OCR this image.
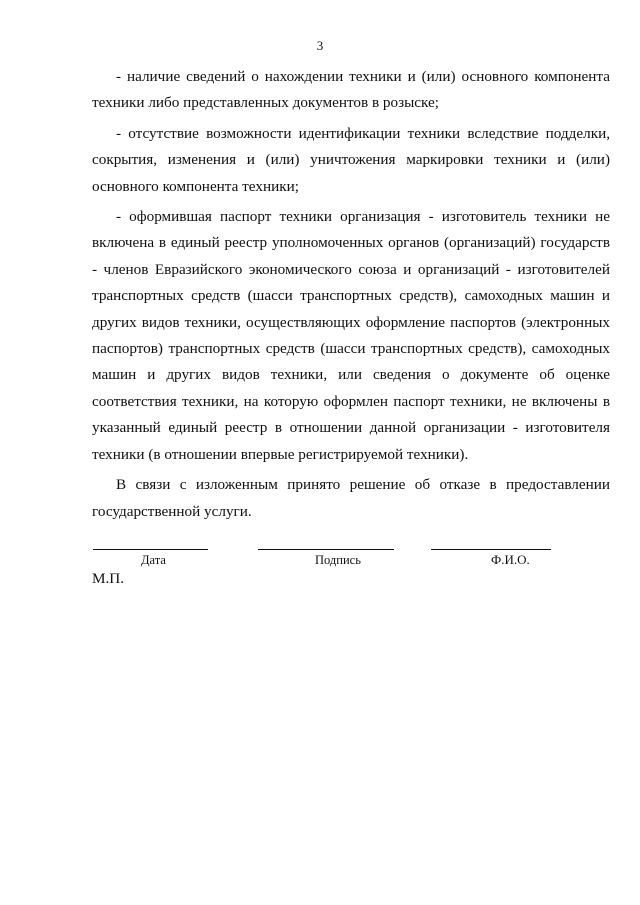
3

- наличие сведений о нахождении техники и (или) основного компонента техники либо представленных документов в розыске;

- отсутствие возможности идентификации техники вследствие подделки, сокрытия, изменения и (или) уничтожения маркировки техники и (или) основного компонента техники;

- оформившая паспорт техники организация - изготовитель техники не включена в единый реестр уполномоченных органов (организаций) государств - членов Евразийского экономического союза и организаций - изготовителей транспортных средств (шасси транспортных средств), самоходных машин и других видов техники, осуществляющих оформление паспортов (электронных паспортов) транспортных средств (шасси транспортных средств), самоходных машин и других видов техники, или сведения о документе об оценке соответствия техники, на которую оформлен паспорт техники, не включены в указанный единый реестр в отношении данной организации - изготовителя техники (в отношении впервые регистрируемой техники).

В связи с изложенным принято решение об отказе в предоставлении государственной услуги.

Дата	Подпись	Ф.И.О.
М.П.
